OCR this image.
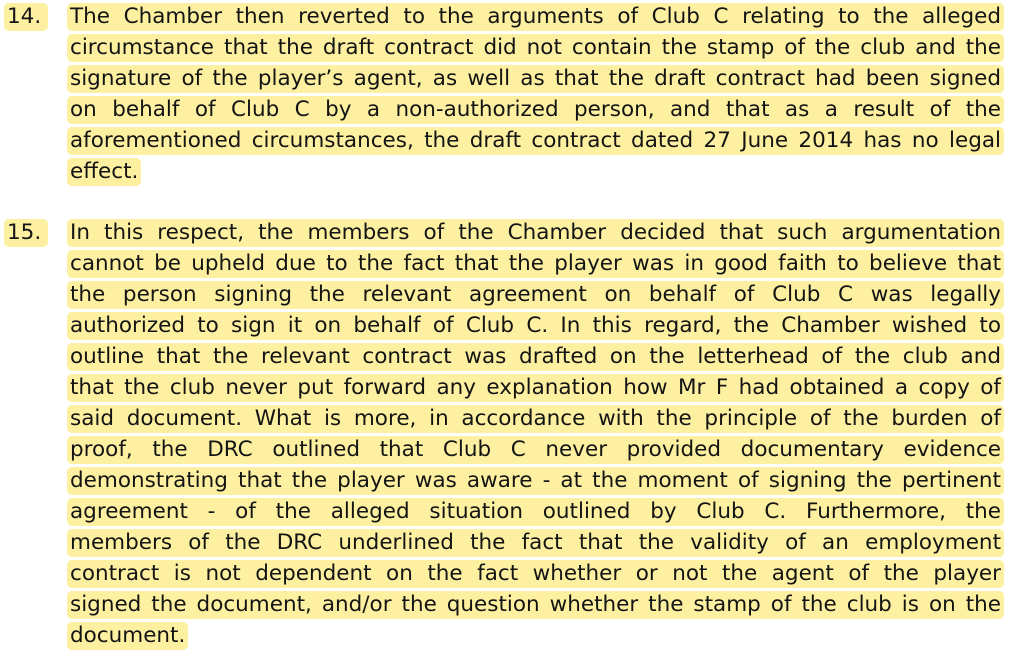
14.	The Chamber then reverted to the arguments of Club C relating to the alleged
circumstance that the draft contract did not contain the stamp of the club and the
signature of the player’s agent, as well as that the draft contract had been signed
on behalf of Club C by a non-authorized person, and that as a result of the
aforementioned circumstances, the draft contract dated 27 June 2014 has no legal
effect.
15.	In this respect, the members of the Chamber decided that such argumentation
cannot be upheld due to the fact that the player was in good faith to believe that
the person signing the relevant agreement on behalf of Club C was legally
authorized to sign it on behalf of Club C. In this regard, the Chamber wished to
outline that the relevant contract was drafted on the letterhead of the club and
that the club never put forward any explanation how Mr F had obtained a copy of
said document. What is more, in accordance with the principle of the burden of
proof, the DRC outlined that Club C never provided documentary evidence
demonstrating that the player was aware - at the moment of signing the pertinent
agreement - of the alleged situation outlined by Club C. Furthermore, the
members of the DRC underlined the fact that the validity of an employment
contract is not dependent on the fact whether or not the agent of the player
signed the document, and/or the question whether the stamp of the club is on the
document.
